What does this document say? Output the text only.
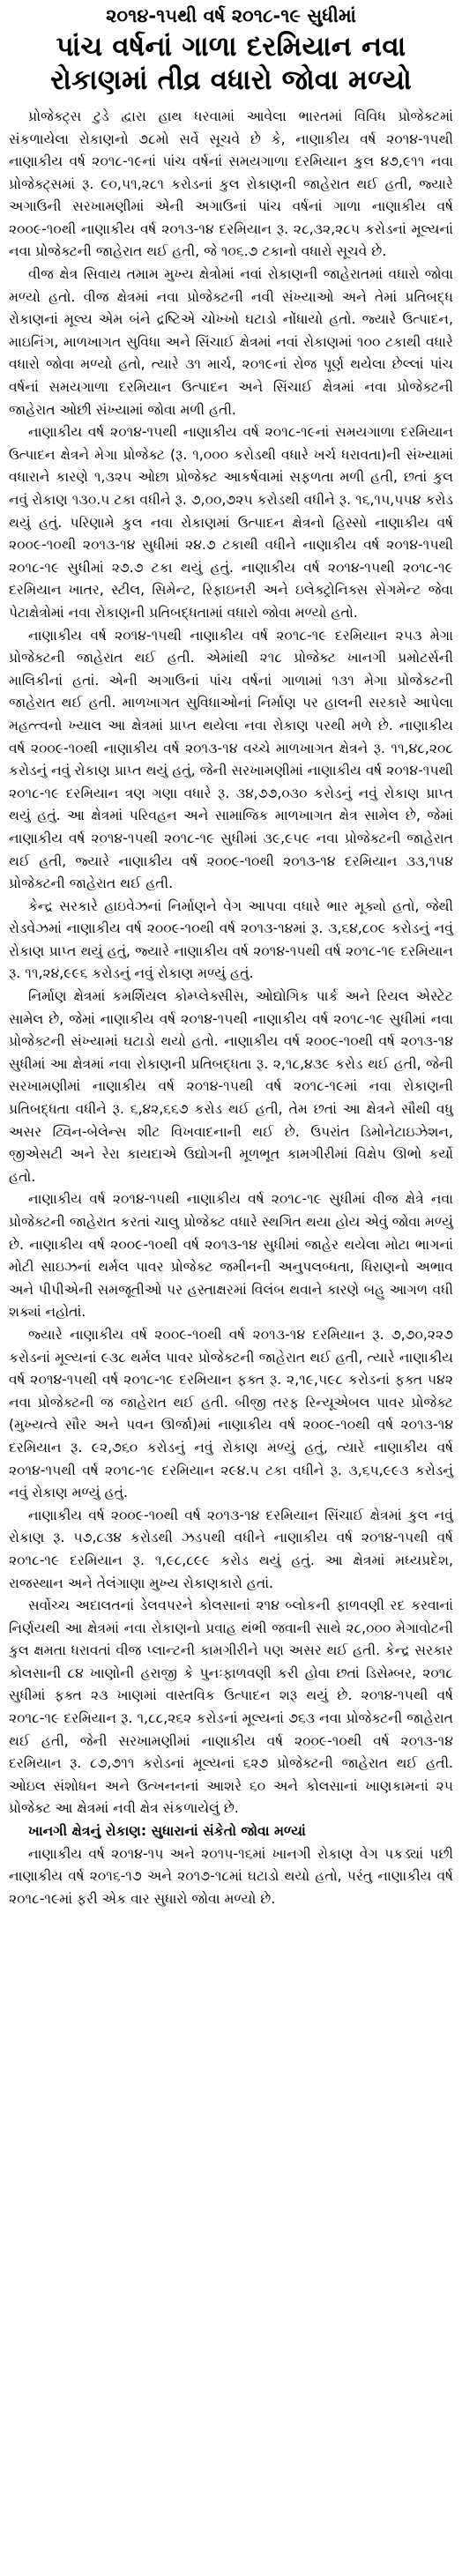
૨૦૧૪-૧૫થી વર્ષ ૨૦૧૮-૧૯ સુધીમાં

પાંચ વર્ષનાં ગાળા દરમિયાન નવા

રોકાણમાં તીવ્ર વધારો જોવા મળ્યો

પ્રોજેક્ટ્સ ટુડે દ્વારા હાથ ધરવામાં આવેલા ભારતમાં વિવિધ પ્રોજેક્ટમાં સંકળાયેલા રોકાણનો ૭૮મો સર્વે સૂચવે છે કે, નાણાકીય વર્ષ ૨૦૧૪-૧૫થી નાણાકીય વર્ષ ૨૦૧૮-૧૯નાં પાંચ વર્ષનાં સમયગાળા દરમિયાન કુલ ૪૭,૯૧૧ નવા પ્રોજેક્ટ્સમાં રૂ. ૯૦,૫૧,૨૮૧ કરોડનાં કુલ રોકાણની જાહેરાત થઈ હતી, જ્યારે અગાઉની સરખામણીમાં એની અગાઉનાં પાંચ વર્ષનાં ગાળા નાણાકીય વર્ષ ૨૦૦૯-૧૦થી નાણાકીય વર્ષ ૨૦૧૩-૧૪ દરમિયાન રૂ. ૨૮,૩૨,૨૮૫ કરોડનાં મૂલ્યનાં નવા પ્રોજેક્ટની જાહેરાત થઈ હતી, જે ૧૦૬.૭ ટકાનો વધારો સૂચવે છે.

વીજ ક્ષેત્ર સિવાય તમામ મુખ્ય ક્ષેત્રોમાં નવાં રોકાણની જાહેરાતમાં વધારો જોવા મળ્યો હતો. વીજ ક્ષેત્રમાં નવા પ્રોજેક્ટની નવી સંખ્યાઓ અને તેમાં પ્રતિબદ્ધ રોકાણનાં મૂલ્ય એમ બંને દ્રષ્ટિએ ચોખ્ખો ઘટાડો નોંધાયો હતો. જ્યારે ઉત્પાદન, માઇનિંગ, માળખાગત સુવિધા અને સિંચાઈ ક્ષેત્રમાં નવાં રોકાણમાં ૧૦૦ ટકાથી વધારે વધારો જોવા મળ્યો હતો, ત્યારે ૩૧ માર્ચ, ૨૦૧૯નાં રોજ પૂર્ણ થયેલા છેલ્લાં પાંચ વર્ષનાં સમયગાળા દરમિયાન ઉત્પાદન અને સિંચાઈ ક્ષેત્રમાં નવા પ્રોજેક્ટની જાહેરાત ઓછી સંખ્યામાં જોવા મળી હતી.

નાણાકીય વર્ષ ૨૦૧૪-૧૫થી નાણાકીય વર્ષ ૨૦૧૮-૧૯નાં સમયગાળા દરમિયાન ઉત્પાદન ક્ષેત્રને મેગા પ્રોજેક્ટ (રૂ. ૧,૦૦૦ કરોડથી વધારે ખર્ચ ધરાવતા)ની સંખ્યામાં વધારાને કારણે ૧,૩૨૫ ઓછા પ્રોજેક્ટ આકર્ષવામાં સફળતા મળી હતી, છતાં કુલ નવું રોકાણ ૧૩૦.૫ ટકા વધીને રૂ. ૭,૦૦,૭૨૫ કરોડથી વધીને રૂ. ૧૬,૧૫,૫૫૪ કરોડ થયું હતું. પરિણામે કુલ નવા રોકાણમાં ઉત્પાદન ક્ષેત્રનો હિસ્સો નાણાકીય વર્ષ ૨૦૦૯-૧૦થી ૨૦૧૩-૧૪ સુધીમાં ૨૪.૭ ટકાથી વધીને નાણાકીય વર્ષ ૨૦૧૪-૧૫થી ૨૦૧૮-૧૯ સુધીમાં ૨૭.૭ ટકા થયું હતું. નાણાકીય વર્ષ ૨૦૧૪-૧૫થી ૨૦૧૮-૧૯ દરમિયાન ખાતર, સ્ટીલ, સિમેન્ટ, રિફાઇનરી અને ઇલેક્ટ્રોનિક્સ સેગમેન્ટ જેવા પેટાક્ષેત્રોમાં નવા રોકાણની પ્રતિબદ્ધતામાં વધારો જોવા મળ્યો હતો.

નાણાકીય વર્ષ ૨૦૧૪-૧૫થી નાણાકીય વર્ષ ૨૦૧૮-૧૯ દરમિયાન ૨૫૩ મેગા પ્રોજેક્ટની જાહેરાત થઈ હતી. એમાંથી ૨૧૮ પ્રોજેક્ટ ખાનગી પ્રમોટર્સની માલિકીનાં હતાં. એની અગાઉનાં પાંચ વર્ષનાં ગાળામાં ૧૩૧ મેગા પ્રોજેક્ટની જાહેરાત થઈ હતી. માળખાગત સુવિધાઓનાં નિર્માણ પર હાલની સરકારે આપેલા મહત્ત્વનો ખ્યાલ આ ક્ષેત્રમાં પ્રાપ્ત થયેલા નવા રોકાણ પરથી મળે છે. નાણાકીય વર્ષ ૨૦૦૯-૧૦થી નાણાકીય વર્ષ ૨૦૧૩-૧૪ વચ્ચે માળખાગત ક્ષેત્રને રૂ. ૧૧,૪૮,૨૦૮ કરોડનું નવું રોકાણ પ્રાપ્ત થયું હતું, જેની સરખામણીમાં નાણાકીય વર્ષ ૨૦૧૪-૧૫થી ૨૦૧૮-૧૯ દરમિયાન ત્રણ ગણા વધારે રૂ. ૩૪,૭૭,૦૩૦ કરોડનું નવું રોકાણ પ્રાપ્ત થયું હતું. આ ક્ષેત્રમાં પરિવહન અને સામાજિક માળખાગત ક્ષેત્ર સામેલ છે, જેમાં નાણાકીય વર્ષ ૨૦૧૪-૧૫થી ૨૦૧૮-૧૯ સુધીમાં ૩૯,૯૫૯ નવા પ્રોજેક્ટની જાહેરાત થઈ હતી, જ્યારે નાણાકીય વર્ષ ૨૦૦૯-૧૦થી ૨૦૧૩-૧૪ દરમિયાન ૩૩,૧૫૪ પ્રોજેક્ટની જાહેરાત થઈ હતી.

કેન્દ્ર સરકારે હાઇવેઝનાં નિર્માણને વેગ આપવા વધારે ભાર મૂક્યો હતો, જેથી રોડવેઝમાં નાણાકીય વર્ષ ૨૦૦૯-૧૦થી વર્ષ ૨૦૧૩-૧૪માં રૂ. ૩,૬૪,૮૦૯ કરોડનું નવું રોકાણ પ્રાપ્ત થયું હતું, જ્યારે નાણાકીય વર્ષ ૨૦૧૪-૧૫થી વર્ષ ૨૦૧૮-૧૯ દરમિયાન રૂ. ૧૧,૨૪,૯૯૬ કરોડનું નવું રોકાણ મળ્યું હતું.

નિર્માણ ક્ષેત્રમાં કમર્શિયલ કોમ્પ્લેક્સીસ, ઓદ્યોગિક પાર્ક અને રિયલ એસ્ટેટ સામેલ છે, જેમાં નાણાકીય વર્ષ ૨૦૧૪-૧૫થી નાણાકીય વર્ષ ૨૦૧૮-૧૯ સુધીમાં નવા પ્રોજેક્ટની સંખ્યામાં ઘટાડો થયો હતો. નાણાકીય વર્ષ ૨૦૦૯-૧૦થી વર્ષ ૨૦૧૩-૧૪ સુધીમાં આ ક્ષેત્રમાં નવા રોકાણની પ્રતિબદ્ધતા રૂ. ૨,૧૮,૪૩૯ કરોડ થઈ હતી, જેની સરખામણીમાં નાણાકીય વર્ષ ૨૦૧૪-૧૫થી વર્ષ ૨૦૧૮-૧૯માં નવા રોકાણની પ્રતિબદ્ધતા વધીને રૂ. ૬,૪૨,૬૬૭ કરોડ થઈ હતી, તેમ છતાં આ ક્ષેત્રને સૌથી વધુ અસર ટ્વિન-બેલેન્સ શીટ વિખવાદનાની થઈ છે. ઉપરાંત ડિમોનેટાઇઝેશન, જીએસટી અને રેરા કાયદાએ ઉદ્યોગની મૂળભૂત કામગીરીમાં વિક્ષેપ ઊભો કર્યો હતો.

નાણાકીય વર્ષ ૨૦૧૪-૧૫થી નાણાકીય વર્ષ ૨૦૧૮-૧૯ સુધીમાં વીજ ક્ષેત્રે નવા પ્રોજેક્ટની જાહેરાત કરતાં ચાલુ પ્રોજેક્ટ વધારે સ્થગિત થયા હોય એવું જોવા મળ્યું છે. નાણાકીય વર્ષ ૨૦૦૯-૧૦થી વર્ષ ૨૦૧૩-૧૪ સુધીમાં જાહેર થયેલા મોટા ભાગનાં મોટી સાઇઝનાં થર્મલ પાવર પ્રોજેક્ટ જમીનની અનુપલબ્ધતા, ધિરાણનો અભાવ અને પીપીએની સમજૂતીઓ પર હસ્તાક્ષરમાં વિલંબ થવાને કારણે બહુ આગળ વધી શક્યાં નહોતાં.

જ્યારે નાણાકીય વર્ષ ૨૦૦૯-૧૦થી વર્ષ ૨૦૧૩-૧૪ દરમિયાન રૂ. ૭,૭૦,૨૨૭ કરોડનાં મૂલ્યનાં ૯૩૮ થર્મલ પાવર પ્રોજેક્ટની જાહેરાત થઈ હતી, ત્યારે નાણાકીય વર્ષ ૨૦૧૪-૧૫થી વર્ષ ૨૦૧૮-૧૯ દરમિયાન ફક્ત રૂ. ૨,૧૯,૫૯૮ કરોડનાં ફક્ત ૫૪૨ નવા પ્રોજેક્ટની જ જાહેરાત થઈ હતી. બીજી તરફ રિન્યૂએબલ પાવર પ્રોજેક્ટ (મુખ્યત્વે સૌર અને પવન ઊર્જા)માં નાણાકીય વર્ષ ૨૦૦૯-૧૦થી વર્ષ ૨૦૧૩-૧૪ દરમિયાન રૂ. ૯૨,૭૬૦ કરોડનું નવું રોકાણ મળ્યું હતું, ત્યારે નાણાકીય વર્ષ ૨૦૧૪-૧૫થી વર્ષ ૨૦૧૮-૧૯ દરમિયાન ૨૯૪.૫ ટકા વધીને રૂ. ૩,૬૫,૯૯૩ કરોડનું નવું રોકાણ મળ્યું હતું.

નાણાકીય વર્ષ ૨૦૦૯-૧૦થી વર્ષ ૨૦૧૩-૧૪ દરમિયાન સિંચાઈ ક્ષેત્રમાં કુલ નવું રોકાણ રૂ. ૫૭,૮૩૪ કરોડથી ઝડપથી વધીને નાણાકીય વર્ષ ૨૦૧૪-૧૫થી વર્ષ ૨૦૧૮-૧૯ દરમિયાન રૂ. ૧,૯૮,૮૯૯ કરોડ થયું હતું. આ ક્ષેત્રમાં મધ્યપ્રદેશ, રાજસ્થાન અને તેલંગાણા મુખ્ય રોકાણકારો હતાં.

સર્વોચ્ચ અદાલતનાં ડેલવપરને કોલસાનાં ૨૧૪ બ્લોકની ફાળવણી રદ કરવાનાં નિર્ણયથી આ ક્ષેત્રમાં નવા રોકાણનો પ્રવાહ થંભી જવાની સાથે ૨૮,૦૦૦ મેગાવોટની કુલ ક્ષમતા ધરાવતાં વીજ પ્લાન્ટની કામગીરીને પણ અસર થઈ હતી. કેન્દ્ર સરકાર કોલસાની ૮૪ ખાણોની હરાજી કે પુનઃફાળવણી કરી હોવા છતાં ડિસેમ્બર, ૨૦૧૮ સુધીમાં ફક્ત ૨૩ ખાણમાં વાસ્તવિક ઉત્પાદન શરૂ થયું છે. ૨૦૧૪-૧૫થી વર્ષ ૨૦૧૮-૧૯ દરમિયાન રૂ. ૧,૮૮,૨૬૨ કરોડનાં મૂલ્યનાં ૭૬૩ નવા પ્રોજેક્ટની જાહેરાત થઈ હતી, જેની સરખામણીમાં નાણાકીય વર્ષ ૨૦૦૯-૧૦થી વર્ષ ૨૦૧૩-૧૪ દરમિયાન રૂ. ૮૭,૭૧૧ કરોડનાં મૂલ્યનાં ૬૨૭ પ્રોજેક્ટની જાહેરાત થઈ હતી. ઓઇલ સંશોધન અને ઉત્ખનનનાં આશરે ૬૦ અને કોલસાનાં ખાણકામનાં ૨૫ પ્રોજેક્ટ આ ક્ષેત્રમાં નવી ક્ષેત્ર સંકળાયેલું છે.

ખાનગી ક્ષેત્રનું રોકાણ: સુધારાનાં સંકેતો જોવા મળ્યાં

નાણાકીય વર્ષ ૨૦૧૪-૧૫ અને ૨૦૧૫-૧૬માં ખાનગી રોકાણ વેગ પકડ્યાં પછી નાણાકીય વર્ષ ૨૦૧૬-૧૭ અને ૨૦૧૭-૧૮માં ઘટાડો થયો હતો, પરંતુ નાણાકીય વર્ષ ૨૦૧૮-૧૯માં ફરી એક વાર સુધારો જોવા મળ્યો છે.
